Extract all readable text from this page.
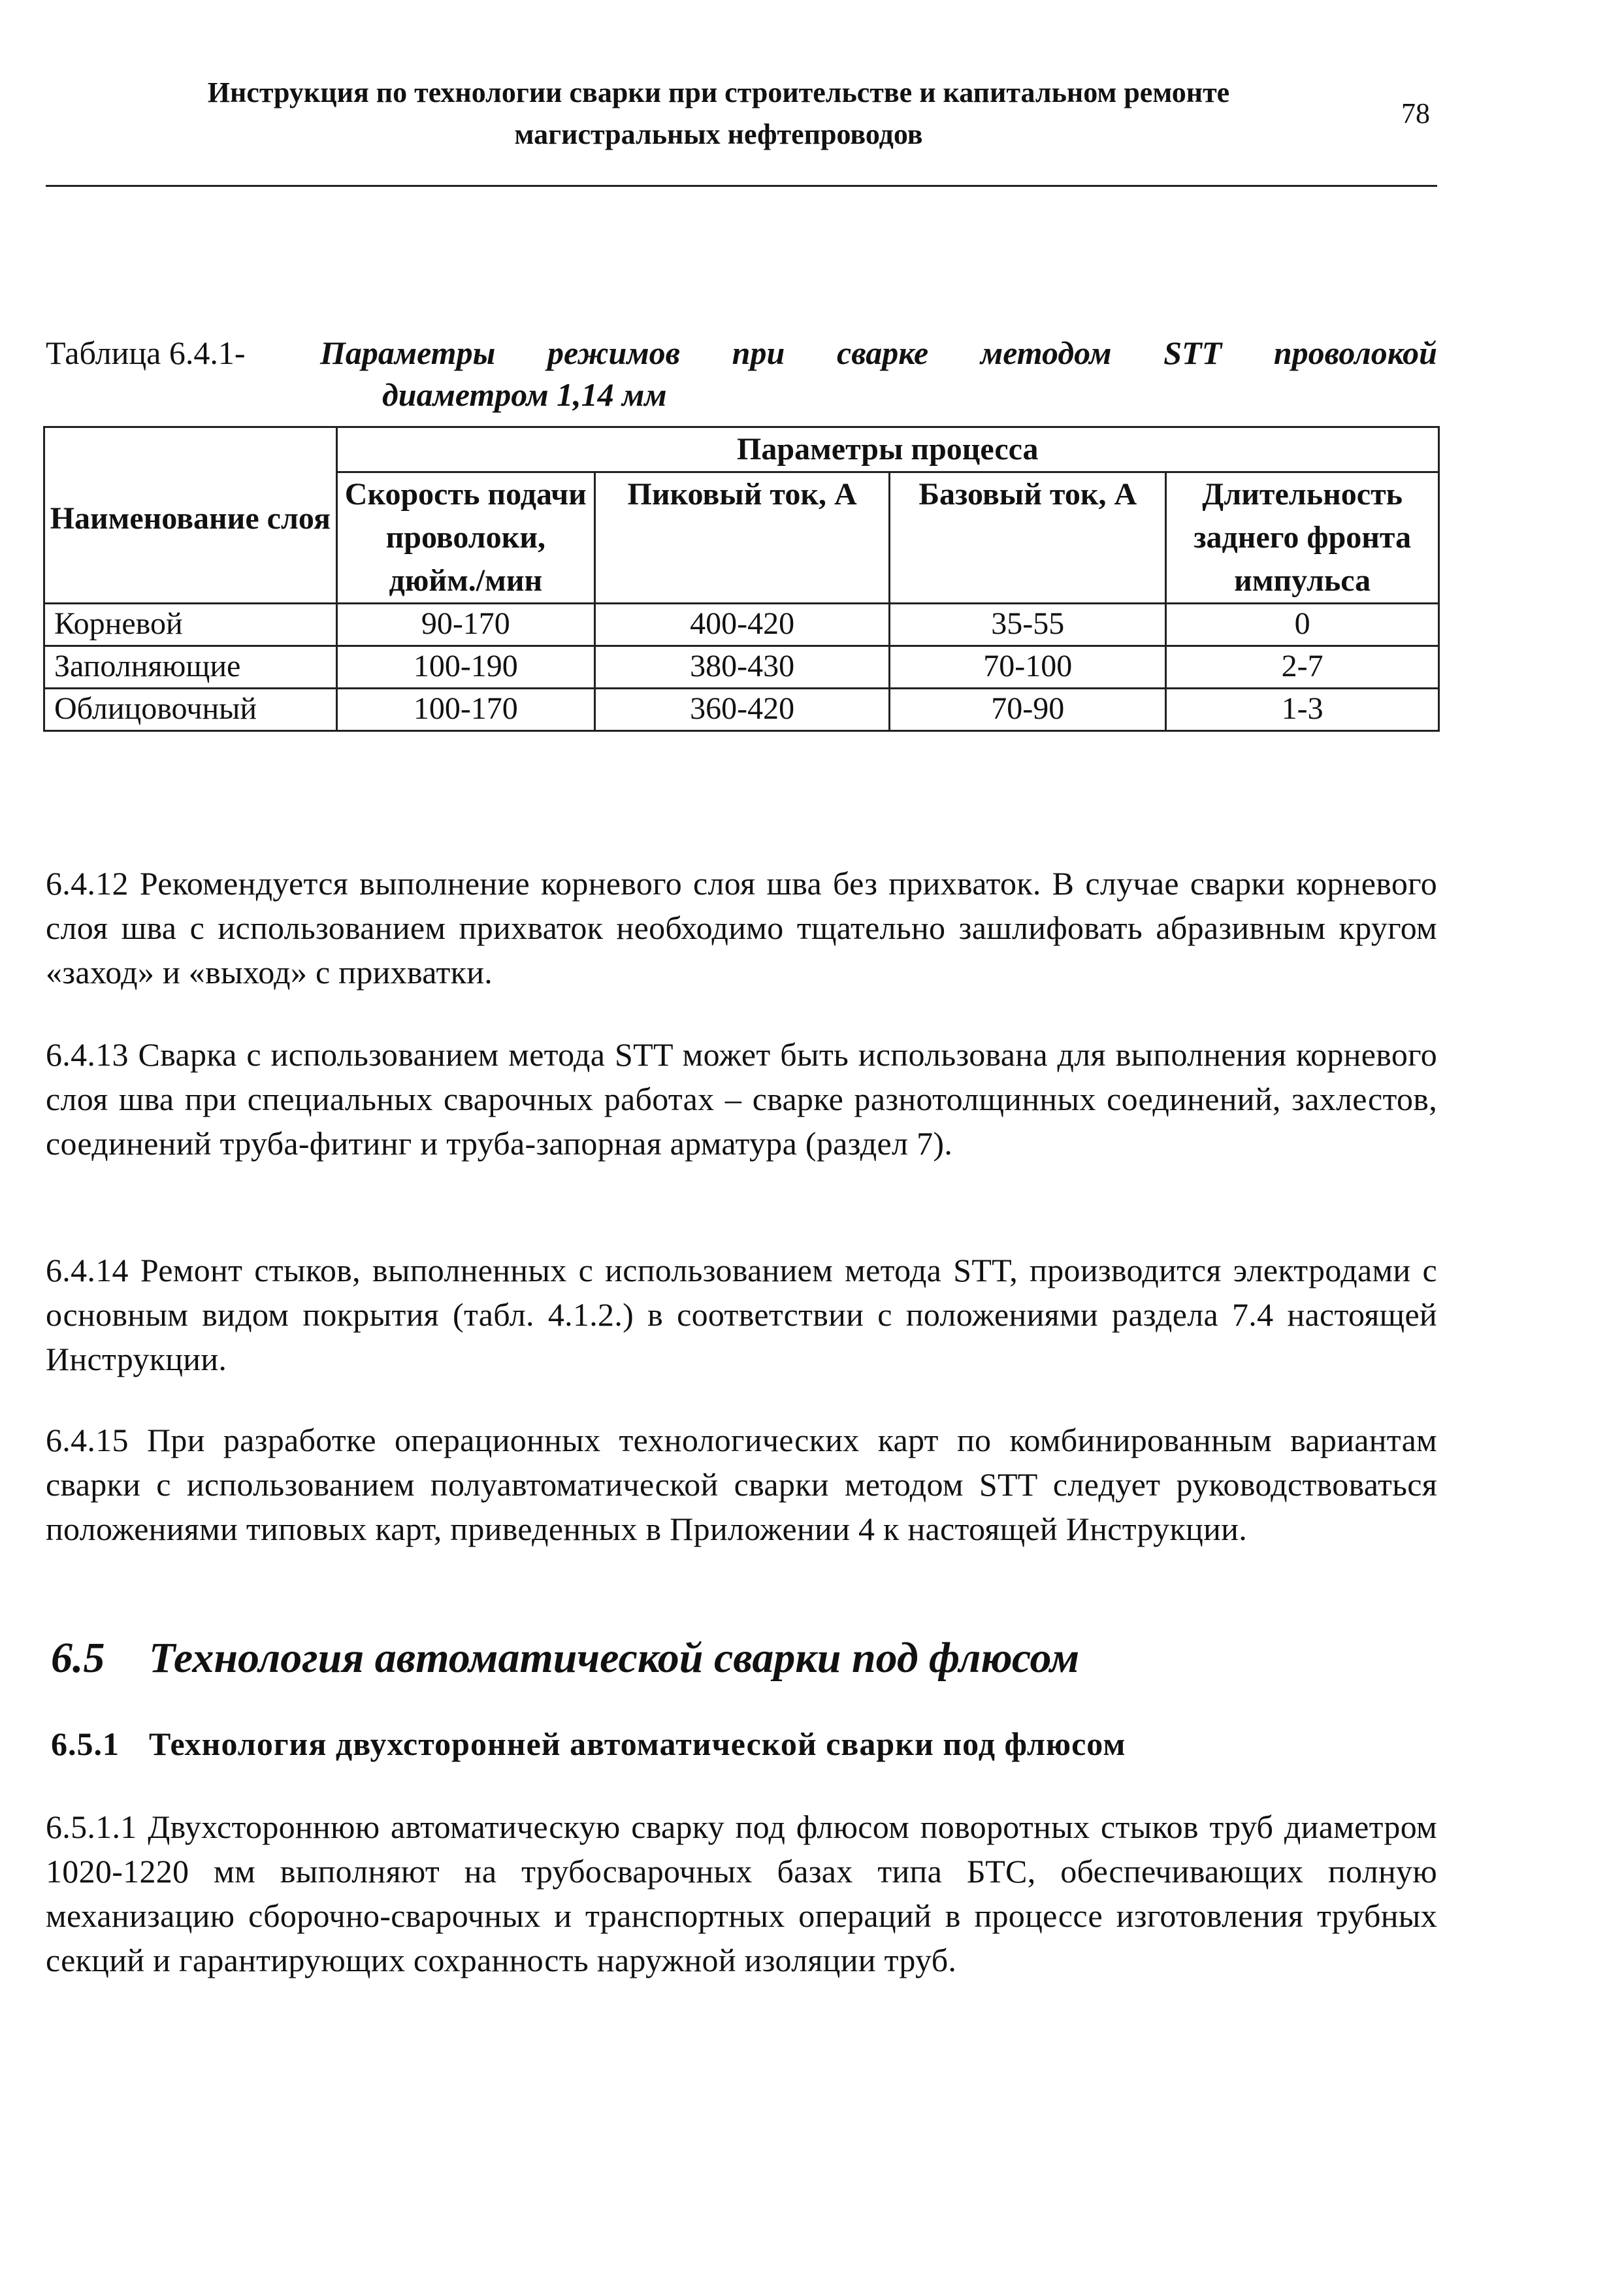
Инструкция по технологии сварки при строительстве и капитальном ремонте
магистральных нефтепроводов
78
Таблица 6.4.1-	Параметры режимов при сварке методом STT проволокой
диаметром 1,14 мм
Наименование слоя	Параметры процесса			
	Скорость подачи проволоки, дюйм./мин	Пиковый ток, А	Базовый ток, А	Длительность заднего фронта импульса
Корневой	90-170	400-420	35-55	0
Заполняющие	100-190	380-430	70-100	2-7
Облицовочный	100-170	360-420	70-90	1-3
6.4.12 Рекомендуется выполнение корневого слоя шва без прихваток. В случае сварки корневого слоя шва с использованием прихваток необходимо тщательно зашлифовать абразивным кругом «заход» и «выход» с прихватки.
6.4.13 Сварка с использованием метода STT может быть использована для выполнения корневого слоя шва при специальных сварочных работах – сварке разнотолщинных соединений, захлестов, соединений труба-фитинг и труба-запорная арматура (раздел 7).
6.4.14 Ремонт стыков, выполненных с использованием метода STT, производится электродами с основным видом покрытия (табл. 4.1.2.) в соответствии с положениями раздела 7.4 настоящей Инструкции.
6.4.15 При разработке операционных технологических карт по комбинированным вариантам сварки с использованием полуавтоматической сварки методом STT следует руководствоваться положениями типовых карт, приведенных в Приложении 4 к настоящей Инструкции.
6.5 Технология автоматической сварки под флюсом
6.5.1 Технология двухсторонней автоматической сварки под флюсом
6.5.1.1 Двухстороннюю автоматическую сварку под флюсом поворотных стыков труб диаметром 1020-1220 мм выполняют на трубосварочных базах типа БТС, обеспечивающих полную механизацию сборочно-сварочных и транспортных операций в процессе изготовления трубных секций и гарантирующих сохранность наружной изоляции труб.
